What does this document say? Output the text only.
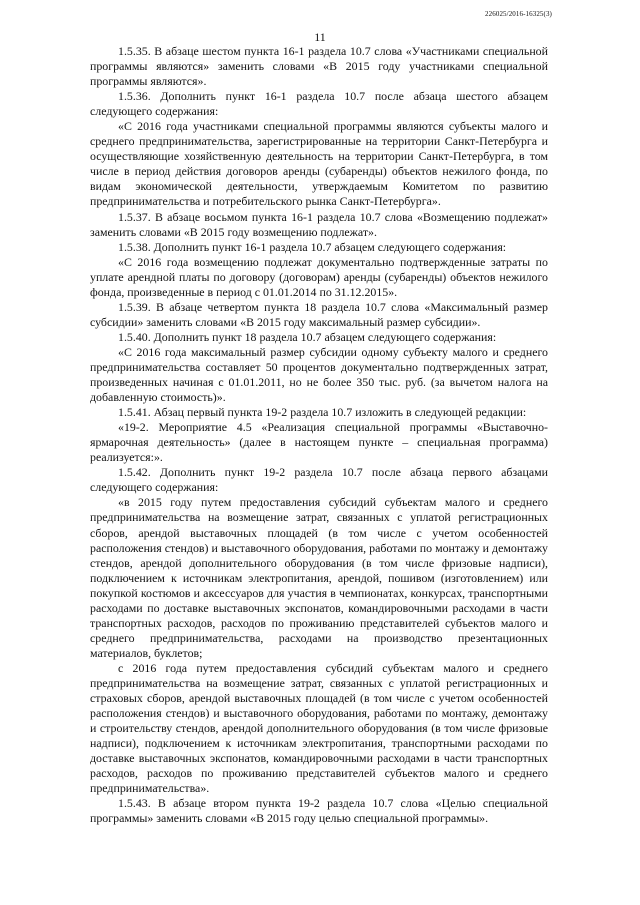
226025/2016-16325(3)
11

1.5.35. В абзаце шестом пункта 16-1 раздела 10.7 слова «Участниками специальной программы являются» заменить словами «В 2015 году участниками специальной программы являются».

1.5.36. Дополнить пункт 16-1 раздела 10.7 после абзаца шестого абзацем следующего содержания:

«С 2016 года участниками специальной программы являются субъекты малого и среднего предпринимательства, зарегистрированные на территории Санкт-Петербурга и осуществляющие хозяйственную деятельность на территории Санкт-Петербурга, в том числе в период действия договоров аренды (субаренды) объектов нежилого фонда, по видам экономической деятельности, утверждаемым Комитетом по развитию предпринимательства и потребительского рынка Санкт-Петербурга».

1.5.37. В абзаце восьмом пункта 16-1 раздела 10.7 слова «Возмещению подлежат» заменить словами «В 2015 году возмещению подлежат».

1.5.38. Дополнить пункт 16-1 раздела 10.7 абзацем следующего содержания:

«С 2016 года возмещению подлежат документально подтвержденные затраты по уплате арендной платы по договору (договорам) аренды (субаренды) объектов нежилого фонда, произведенные в период с 01.01.2014 по 31.12.2015».

1.5.39. В абзаце четвертом пункта 18 раздела 10.7 слова «Максимальный размер субсидии» заменить словами «В 2015 году максимальный размер субсидии».

1.5.40. Дополнить пункт 18 раздела 10.7 абзацем следующего содержания:

«С 2016 года максимальный размер субсидии одному субъекту малого и среднего предпринимательства составляет 50 процентов документально подтвержденных затрат, произведенных начиная с 01.01.2011, но не более 350 тыс. руб. (за вычетом налога на добавленную стоимость)».

1.5.41. Абзац первый пункта 19-2 раздела 10.7 изложить в следующей редакции:

«19-2. Мероприятие 4.5 «Реализация специальной программы «Выставочно-ярмарочная деятельность» (далее в настоящем пункте – специальная программа) реализуется:».

1.5.42. Дополнить пункт 19-2 раздела 10.7 после абзаца первого абзацами следующего содержания:

«в 2015 году путем предоставления субсидий субъектам малого и среднего предпринимательства на возмещение затрат, связанных с уплатой регистрационных сборов, арендой выставочных площадей (в том числе с учетом особенностей расположения стендов) и выставочного оборудования, работами по монтажу и демонтажу стендов, арендой дополнительного оборудования (в том числе фризовые надписи), подключением к источникам электропитания, арендой, пошивом (изготовлением) или покупкой костюмов и аксессуаров для участия в чемпионатах, конкурсах, транспортными расходами по доставке выставочных экспонатов, командировочными расходами в части транспортных расходов, расходов по проживанию представителей субъектов малого и среднего предпринимательства, расходами на производство презентационных материалов, буклетов;

с 2016 года путем предоставления субсидий субъектам малого и среднего предпринимательства на возмещение затрат, связанных с уплатой регистрационных и страховых сборов, арендой выставочных площадей (в том числе с учетом особенностей расположения стендов) и выставочного оборудования, работами по монтажу, демонтажу и строительству стендов, арендой дополнительного оборудования (в том числе фризовые надписи), подключением к источникам электропитания, транспортными расходами по доставке выставочных экспонатов, командировочными расходами в части транспортных расходов, расходов по проживанию представителей субъектов малого и среднего предпринимательства».

1.5.43. В абзаце втором пункта 19-2 раздела 10.7 слова «Целью специальной программы» заменить словами «В 2015 году целью специальной программы».
